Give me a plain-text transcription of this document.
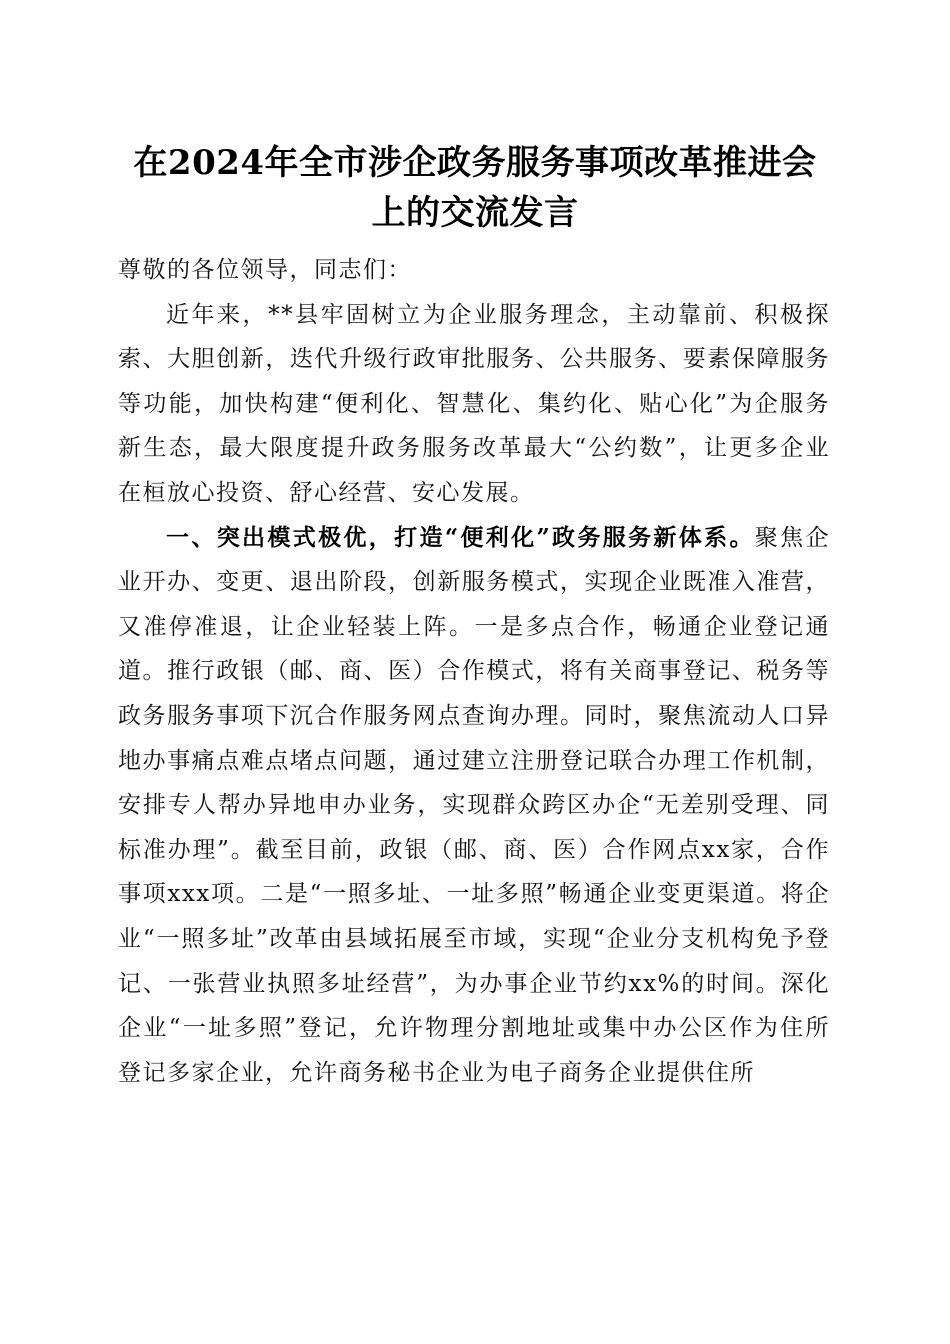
在2024年全市涉企政务服务事项改革推进会上的交流发言

尊敬的各位领导，同志们：

近年来，**县牢固树立为企业服务理念，主动靠前、积极探索、大胆创新，迭代升级行政审批服务、公共服务、要素保障服务等功能，加快构建“便利化、智慧化、集约化、贴心化”为企服务新生态，最大限度提升政务服务改革最大“公约数”，让更多企业在桓放心投资、舒心经营、安心发展。

一、突出模式极优，打造“便利化”政务服务新体系。聚焦企业开办、变更、退出阶段，创新服务模式，实现企业既准入准营，又准停准退，让企业轻装上阵。一是多点合作，畅通企业登记通道。推行政银（邮、商、医）合作模式，将有关商事登记、税务等政务服务事项下沉合作服务网点查询办理。同时，聚焦流动人口异地办事痛点难点堵点问题，通过建立注册登记联合办理工作机制，安排专人帮办异地申办业务，实现群众跨区办企“无差别受理、同标准办理”。截至目前，政银（邮、商、医）合作网点xx家，合作事项xxx项。二是“一照多址、一址多照”畅通企业变更渠道。将企业“一照多址”改革由县域拓展至市域，实现“企业分支机构免予登记、一张营业执照多址经营”，为办事企业节约xx%的时间。深化企业“一址多照”登记，允许物理分割地址或集中办公区作为住所登记多家企业，允许商务秘书企业为电子商务企业提供住所
